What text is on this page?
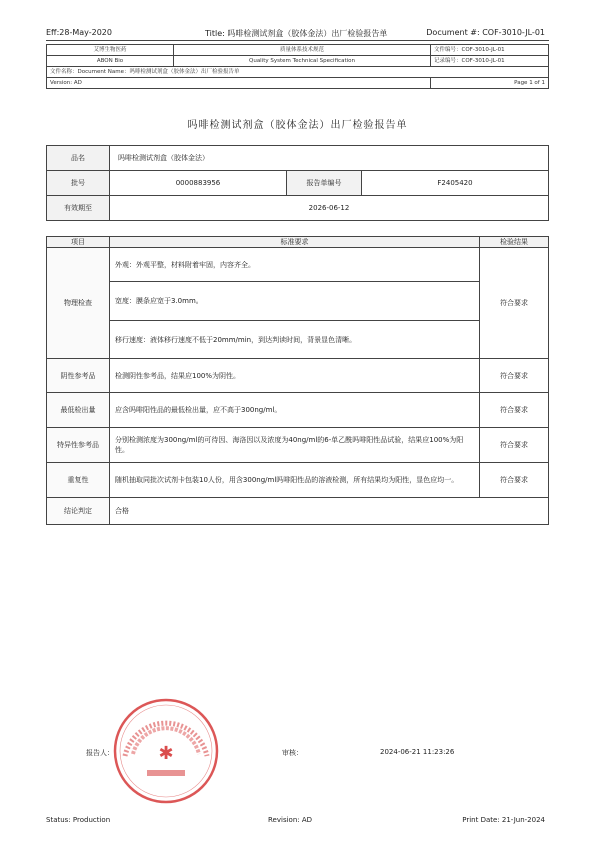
Eff:28-May-2020	Title: 吗啡检测试剂盒（胶体金法）出厂检验报告单	Document #: COF-3010-JL-01
艾博生物医药	质量体系技术规范	文件编号：COF-3010-JL-01
ABON Bio	Quality System Technical Specification	记录编号：COF-3010-JL-01
文件名称：Document Name：吗啡检测试剂盒（胶体金法）出厂检验报告单		
Version: AD		Page 1 of 1
吗啡检测试剂盒（胶体金法）出厂检验报告单
品名	吗啡检测试剂盒（胶体金法）		
批号	0000883956	报告单编号	F2405420
有效期至	2026-06-12		
项目	标准要求	检验结果
物理检查	外观：外观平整，材料附着牢固，内容齐全。	符合要求
	宽度：膜条应宽于3.0mm。	
	移行速度：液体移行速度不低于20mm/min，到达判读时间，背景显色清晰。	
阴性参考品	检测阴性参考品，结果应100%为阴性。	符合要求
最低检出量	应含吗啡阳性品的最低检出量，应不高于300ng/ml。	符合要求
特异性参考品	分别检测浓度为300ng/ml的可待因、海洛因以及浓度为40ng/ml的6-单乙酰吗啡阳性品试验，结果应100%为阳性。	符合要求
重复性	随机抽取同批次试剂卡包装10人份，用含300ng/ml吗啡阳性品的溶液检测，所有结果均为阳性，显色应均一。	符合要求
结论判定	合格	
报告人：	审核：	2024-06-21 11:23:26
✱
Status: Production	Revision: AD	Print Date: 21-Jun-2024
